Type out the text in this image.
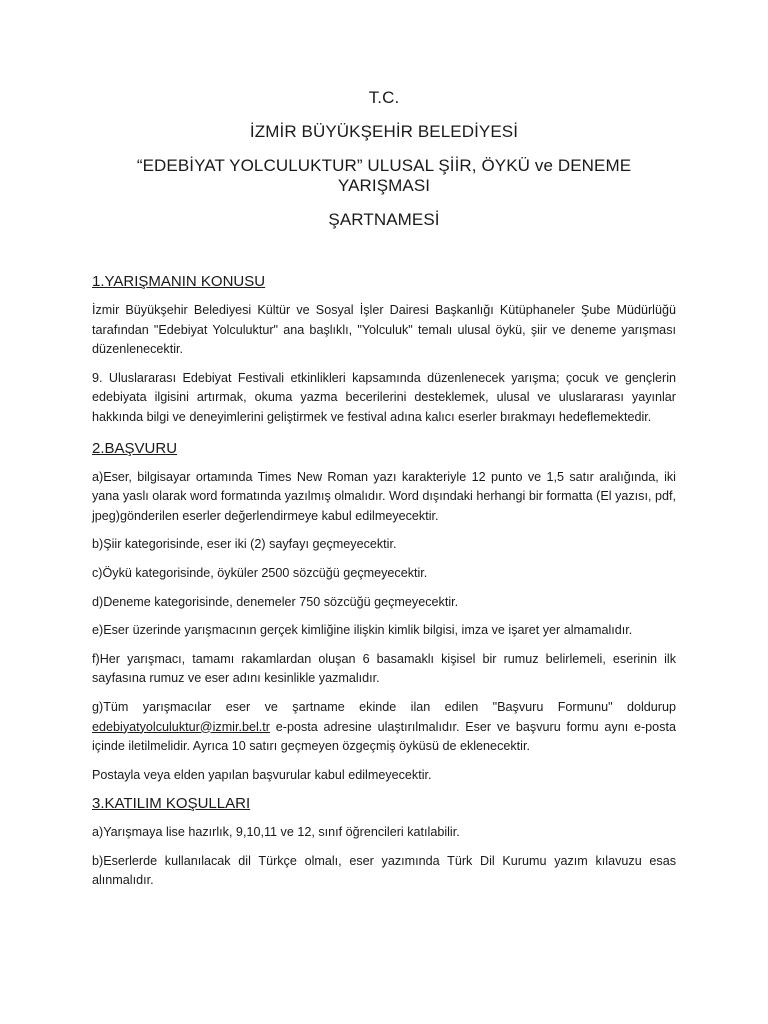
T.C.
İZMİR BÜYÜKŞEHİR BELEDİYESİ
“EDEBİYAT YOLCULUKTUR” ULUSAL ŞİİR, ÖYKÜ ve DENEME YARIŞMASI
ŞARTNAMESİ
1.YARIŞMANIN KONUSU

İzmir Büyükşehir Belediyesi Kültür ve Sosyal İşler Dairesi Başkanlığı Kütüphaneler Şube Müdürlüğü tarafından "Edebiyat Yolculuktur" ana başlıklı, "Yolculuk" temalı ulusal öykü, şiir ve deneme yarışması düzenlenecektir.

9. Uluslararası Edebiyat Festivali etkinlikleri kapsamında düzenlenecek yarışma; çocuk ve gençlerin edebiyata ilgisini artırmak, okuma yazma becerilerini desteklemek, ulusal ve uluslararası yayınlar hakkında bilgi ve deneyimlerini geliştirmek ve festival adına kalıcı eserler bırakmayı hedeflemektedir.

2.BAŞVURU

a)Eser, bilgisayar ortamında Times New Roman yazı karakteriyle 12 punto ve 1,5 satır aralığında, iki yana yaslı olarak word formatında yazılmış olmalıdır. Word dışındaki herhangi bir formatta (El yazısı, pdf, jpeg)gönderilen eserler değerlendirmeye kabul edilmeyecektir.

b)Şiir kategorisinde, eser iki (2) sayfayı geçmeyecektir.

c)Öykü kategorisinde, öyküler 2500 sözcüğü geçmeyecektir.

d)Deneme kategorisinde, denemeler 750 sözcüğü geçmeyecektir.

e)Eser üzerinde yarışmacının gerçek kimliğine ilişkin kimlik bilgisi, imza ve işaret yer almamalıdır.

f)Her yarışmacı, tamamı rakamlardan oluşan 6 basamaklı kişisel bir rumuz belirlemeli, eserinin ilk sayfasına rumuz ve eser adını kesinlikle yazmalıdır.

g)Tüm yarışmacılar eser ve şartname ekinde ilan edilen "Başvuru Formunu" doldurup edebiyatyolculuktur@izmir.bel.tr e-posta adresine ulaştırılmalıdır. Eser ve başvuru formu aynı e-posta içinde iletilmelidir. Ayrıca 10 satırı geçmeyen özgeçmiş öyküsü de eklenecektir.

Postayla veya elden yapılan başvurular kabul edilmeyecektir.

3.KATILIM KOŞULLARI

a)Yarışmaya lise hazırlık, 9,10,11 ve 12, sınıf öğrencileri katılabilir.

b)Eserlerde kullanılacak dil Türkçe olmalı, eser yazımında Türk Dil Kurumu yazım kılavuzu esas alınmalıdır.
